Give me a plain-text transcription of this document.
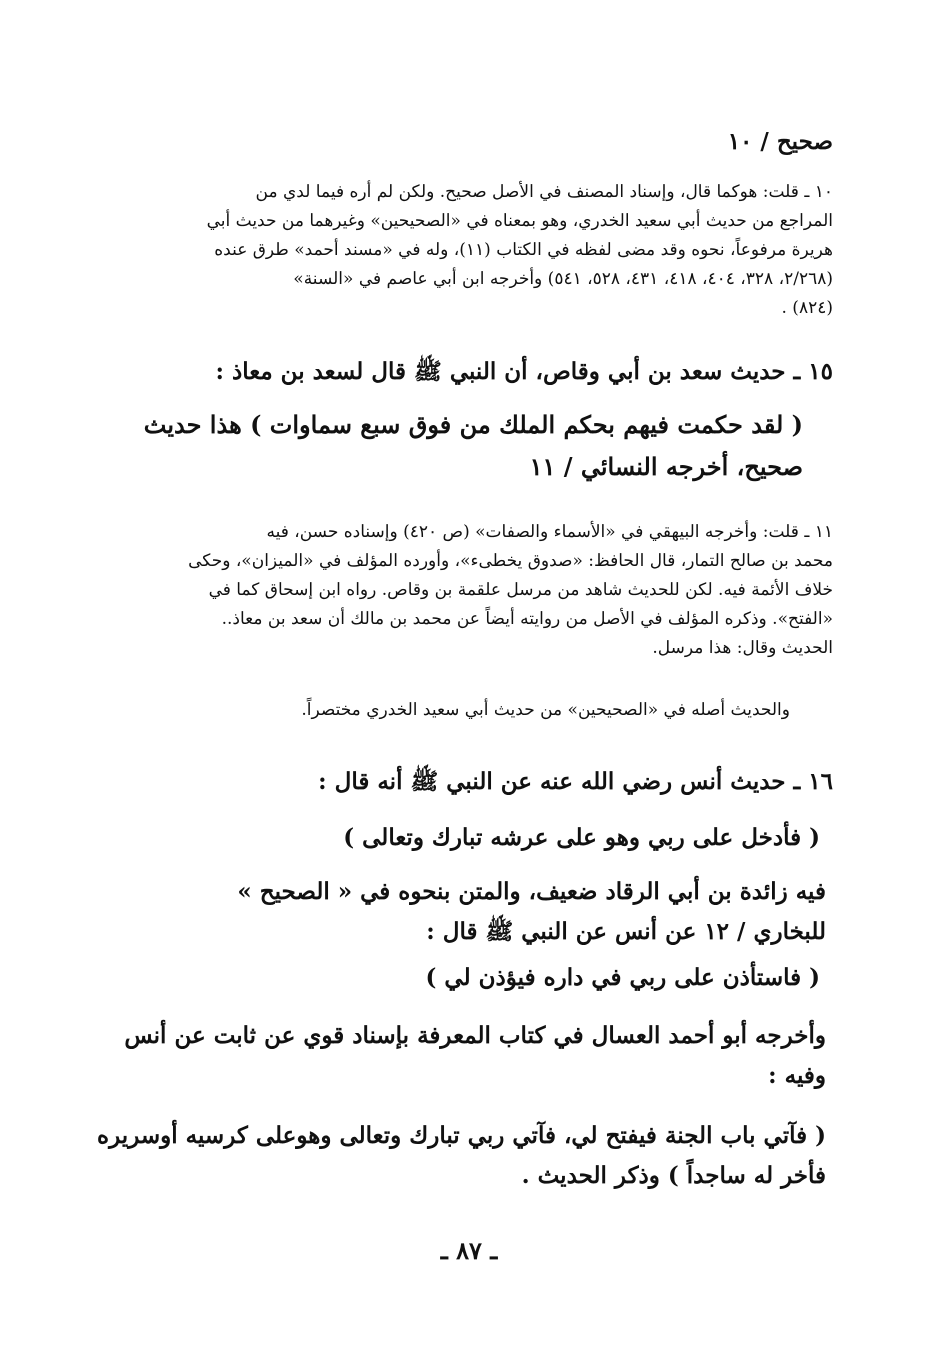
صحيح / ١٠
١٠ ـ قلت: هوكما قال، وإسناد المصنف في الأصل صحيح. ولكن لم أره فيما لدي من
المراجع من حديث أبي سعيد الخدري، وهو بمعناه في «الصحيحين» وغيرهما من حديث أبي
هريرة مرفوعاً، نحوه وقد مضى لفظه في الكتاب (١١)، وله في «مسند أحمد» طرق عنده
(٢/٢٦٨، ٣٢٨، ٤٠٤، ٤١٨، ٤٣١، ٥٢٨، ٥٤١) وأخرجه ابن أبي عاصم في «السنة»
(٨٢٤) .
١٥ ـ حديث سعد بن أبي وقاص، أن النبي ﷺ قال لسعد بن معاذ :
( لقد حكمت فيهم بحكم الملك من فوق سبع سماوات ) هذا حديث
صحيح، أخرجه النسائي / ١١
١١ ـ قلت: وأخرجه البيهقي في «الأسماء والصفات» (ص ٤٢٠) وإسناده حسن، فيه
محمد بن صالح التمار، قال الحافظ: «صدوق يخطىء»، وأورده المؤلف في «الميزان»، وحكى
خلاف الأئمة فيه. لكن للحديث شاهد من مرسل علقمة بن وقاص. رواه ابن إسحاق كما في
«الفتح». وذكره المؤلف في الأصل من روايته أيضاً عن محمد بن مالك أن سعد بن معاذ..
الحديث وقال: هذا مرسل.
والحديث أصله في «الصحيحين» من حديث أبي سعيد الخدري مختصراً.
١٦ ـ حديث أنس رضي الله عنه عن النبي ﷺ أنه قال :
( فأدخل على ربي وهو على عرشه تبارك وتعالى )
فيه زائدة بن أبي الرقاد ضعيف، والمتن بنحوه في « الصحيح »
للبخاري / ١٢ عن أنس عن النبي ﷺ قال :
( فاستأذن على ربي في داره فيؤذن لي )
وأخرجه أبو أحمد العسال في كتاب المعرفة بإسناد قوي عن ثابت عن أنس
وفيه :
( فآتي باب الجنة فيفتح لي، فآتي ربي تبارك وتعالى وهوعلى كرسيه أوسريره
فأخر له ساجداً ) وذكر الحديث .
ـ ٨٧ ـ
